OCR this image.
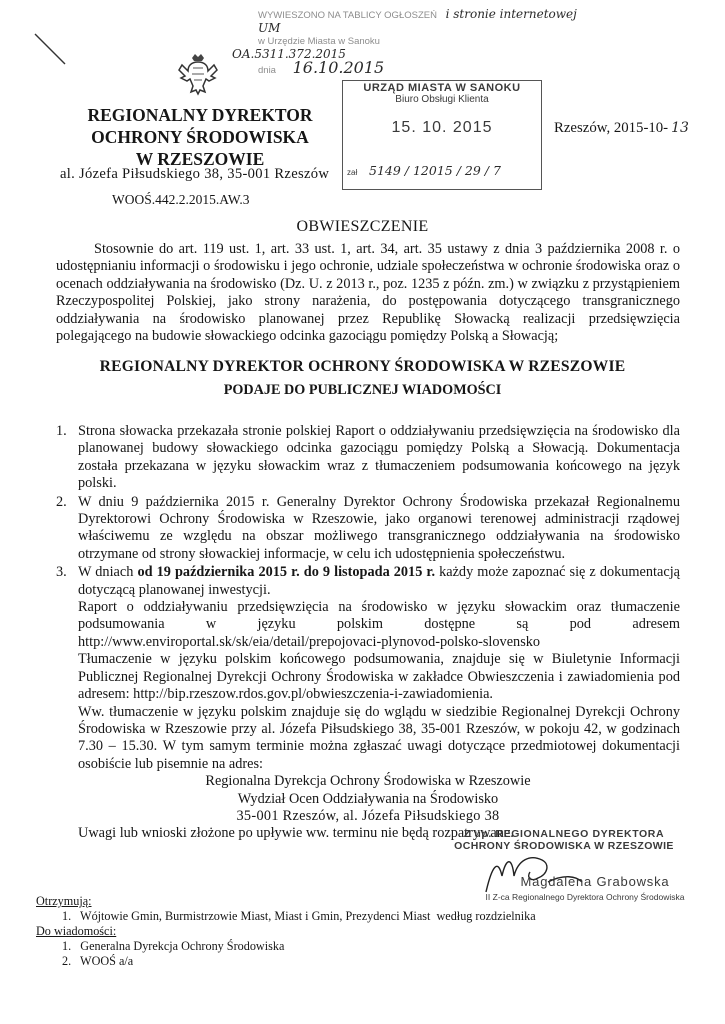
WYWIESZONO NA TABLICY OGŁOSZEŃ i stronie internetowej UM
w Urzędzie Miasta w Sanoku
OA.5311.372.2015
dnia 16.10.2015
REGIONALNY DYREKTOR
OCHRONY ŚRODOWISKA
W RZESZOWIE
al. Józefa Piłsudskiego 38, 35-001 Rzeszów
WOOŚ.442.2.2015.AW.3
URZĄD MIASTA W SANOKU
Biuro Obsługi Klienta
15. 10. 2015
zał 5149 / 12015 / 29 / 7
Rzeszów, 2015-10- 13
OBWIESZCZENIE
Stosownie do art. 119 ust. 1, art. 33 ust. 1, art. 34, art. 35 ustawy z dnia 3 października 2008 r. o udostępnianiu informacji o środowisku i jego ochronie, udziale społeczeństwa w ochronie środowiska oraz o ocenach oddziaływania na środowisko (Dz. U. z 2013 r., poz. 1235 z późn. zm.) w związku z przystąpieniem Rzeczypospolitej Polskiej, jako strony narażenia, do postępowania dotyczącego transgranicznego oddziaływania na środowisko planowanej przez Republikę Słowacką realizacji przedsięwzięcia polegającego na budowie słowackiego odcinka gazociągu pomiędzy Polską a Słowacją;
REGIONALNY DYREKTOR OCHRONY ŚRODOWISKA W RZESZOWIE
PODAJE DO PUBLICZNEJ WIADOMOŚCI
1. Strona słowacka przekazała stronie polskiej Raport o oddziaływaniu przedsięwzięcia na środowisko dla planowanej budowy słowackiego odcinka gazociągu pomiędzy Polską a Słowacją. Dokumentacja została przekazana w języku słowackim wraz z tłumaczeniem podsumowania końcowego na język polski.
2. W dniu 9 października 2015 r. Generalny Dyrektor Ochrony Środowiska przekazał Regionalnemu Dyrektorowi Ochrony Środowiska w Rzeszowie, jako organowi terenowej administracji rządowej właściwemu ze względu na obszar możliwego transgranicznego oddziaływania na środowisko otrzymane od strony słowackiej informacje, w celu ich udostępnienia społeczeństwu.
3. W dniach od 19 października 2015 r. do 9 listopada 2015 r. każdy może zapoznać się z dokumentacją dotyczącą planowanej inwestycji.
Raport o oddziaływaniu przedsięwzięcia na środowisko w języku słowackim oraz tłumaczenie podsumowania w języku polskim dostępne są pod adresem
http://www.enviroportal.sk/sk/eia/detail/prepojovaci-plynovod-polsko-slovensko
Tłumaczenie w języku polskim końcowego podsumowania, znajduje się w Biuletynie Informacji Publicznej Regionalnej Dyrekcji Ochrony Środowiska w zakładce Obwieszczenia i zawiadomienia pod adresem: http://bip.rzeszow.rdos.gov.pl/obwieszczenia-i-zawiadomienia.
Ww. tłumaczenie w języku polskim znajduje się do wglądu w siedzibie Regionalnej Dyrekcji Ochrony Środowiska w Rzeszowie przy al. Józefa Piłsudskiego 38, 35-001 Rzeszów, w pokoju 42, w godzinach 7.30 – 15.30. W tym samym terminie można zgłaszać uwagi dotyczące przedmiotowej dokumentacji osobiście lub pisemnie na adres:
Regionalna Dyrekcja Ochrony Środowiska w Rzeszowie
Wydział Ocen Oddziaływania na Środowisko
35-001 Rzeszów, al. Józefa Piłsudskiego 38
Uwagi lub wnioski złożone po upływie ww. terminu nie będą rozpatrywane.
Z up. REGIONALNEGO DYREKTORA
OCHRONY ŚRODOWISKA W RZESZOWIE
Magdalena Grabowska
II Z-ca Regionalnego Dyrektora Ochrony Środowiska
Otrzymują:
1.   Wójtowie Gmin, Burmistrzowie Miast, Miast i Gmin, Prezydenci Miast  według rozdzielnika
Do wiadomości:
1.   Generalna Dyrekcja Ochrony Środowiska
2.   WOOŚ a/a
